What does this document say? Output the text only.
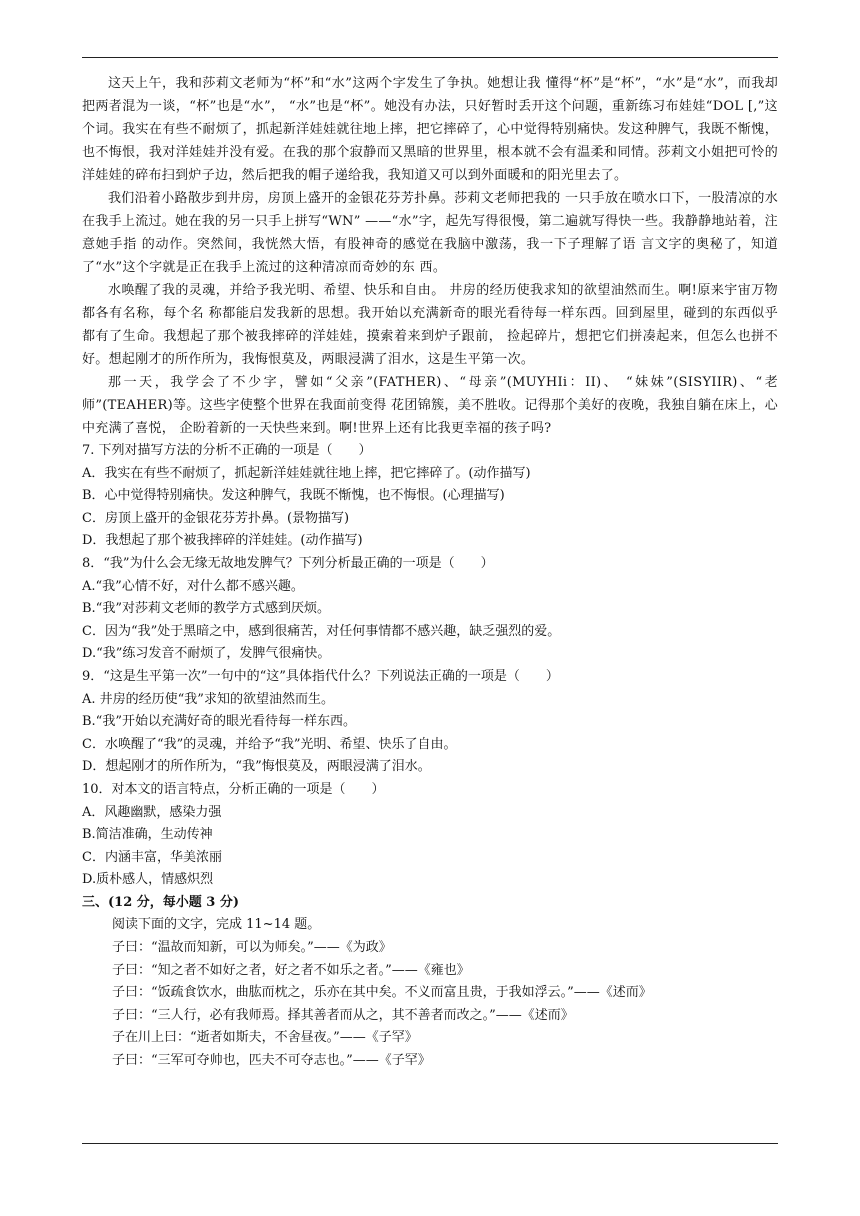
这天上午，我和莎莉文老师为“杯”和“水”这两个字发生了争执。她想让我 懂得“杯”是“杯”，“水”是“水”，而我却把两者混为一谈，“杯”也是“水”， “水”也是“杯”。她没有办法，只好暂时丢开这个问题，重新练习布娃娃“DOL [,”这个词。我实在有些不耐烦了，抓起新洋娃娃就往地上摔，把它摔碎了，心中觉得特别痛快。发这种脾气，我既不惭愧，也不悔恨，我对洋娃娃并没有爱。在我的那个寂静而又黑暗的世界里，根本就不会有温柔和同情。莎莉文小姐把可怜的洋娃娃的碎布扫到炉子边，然后把我的帽子递给我，我知道又可以到外面暖和的阳光里去了。

我们沿着小路散步到井房，房顶上盛开的金银花芬芳扑鼻。莎莉文老师把我的 一只手放在喷水口下，一股清凉的水在我手上流过。她在我的另一只手上拼写“WN” ——“水”字，起先写得很慢，第二遍就写得快一些。我静静地站着，注意她手指 的动作。突然间，我恍然大悟，有股神奇的感觉在我脑中激荡，我一下子理解了语 言文字的奥秘了，知道了“水”这个字就是正在我手上流过的这种清凉而奇妙的东 西。

水唤醒了我的灵魂，并给予我光明、希望、快乐和自由。 井房的经历使我求知的欲望油然而生。啊!原来宇宙万物都各有名称，每个名 称都能启发我新的思想。我开始以充满新奇的眼光看待每一样东西。回到屋里，碰到的东西似乎都有了生命。我想起了那个被我摔碎的洋娃娃，摸索着来到炉子跟前， 捡起碎片，想把它们拼凑起来，但怎么也拼不好。想起刚才的所作所为，我悔恨莫及，两眼浸满了泪水，这是生平第一次。

那一天，我学会了不少字，譬如“父亲”(FATHER)、“母亲”(MUYHIi：II)、 “妹妹”(SISYIIR)、“老师”(TEAHER)等。这些字使整个世界在我面前变得 花团锦簇，美不胜收。记得那个美好的夜晚，我独自躺在床上，心中充满了喜悦， 企盼着新的一天快些来到。啊!世界上还有比我更幸福的孩子吗?

7. 下列对描写方法的分析不正确的一项是（　　）

A．我实在有些不耐烦了，抓起新洋娃娃就往地上摔，把它摔碎了。(动作描写)

B．心中觉得特别痛快。发这种脾气，我既不惭愧，也不悔恨。(心理描写)

C．房顶上盛开的金银花芬芳扑鼻。(景物描写)

D．我想起了那个被我摔碎的洋娃娃。(动作描写)

8．“我”为什么会无缘无故地发脾气？下列分析最正确的一项是（　　）

A.“我”心情不好，对什么都不感兴趣。

B.“我”对莎莉文老师的教学方式感到厌烦。

C．因为“我”处于黑暗之中，感到很痛苦，对任何事情都不感兴趣，缺乏强烈的爱。

D.“我”练习发音不耐烦了，发脾气很痛快。

9．“这是生平第一次”一句中的“这”具体指代什么？下列说法正确的一项是（　　）

A. 井房的经历使“我”求知的欲望油然而生。

B.“我”开始以充满好奇的眼光看待每一样东西。

C．水唤醒了“我”的灵魂，并给予“我”光明、希望、快乐了自由。

D．想起刚才的所作所为，“我”悔恨莫及，两眼浸满了泪水。

10．对本文的语言特点，分析正确的一项是（　　）

A．风趣幽默，感染力强

B.简洁准确，生动传神

C．内涵丰富，华美浓丽

D.质朴感人，情感炽烈

三、(12 分，每小题 3 分)

阅读下面的文字，完成 11~14 题。

子曰：“温故而知新，可以为师矣。”——《为政》

子曰：“知之者不如好之者，好之者不如乐之者。”——《雍也》

子曰：“饭疏食饮水，曲肱而枕之，乐亦在其中矣。不义而富且贵，于我如浮云。”——《述而》

子曰：“三人行，必有我师焉。择其善者而从之，其不善者而改之。”——《述而》

子在川上曰：“逝者如斯夫，不舍昼夜。”——《子罕》

子曰：“三军可夺帅也，匹夫不可夺志也。”——《子罕》
